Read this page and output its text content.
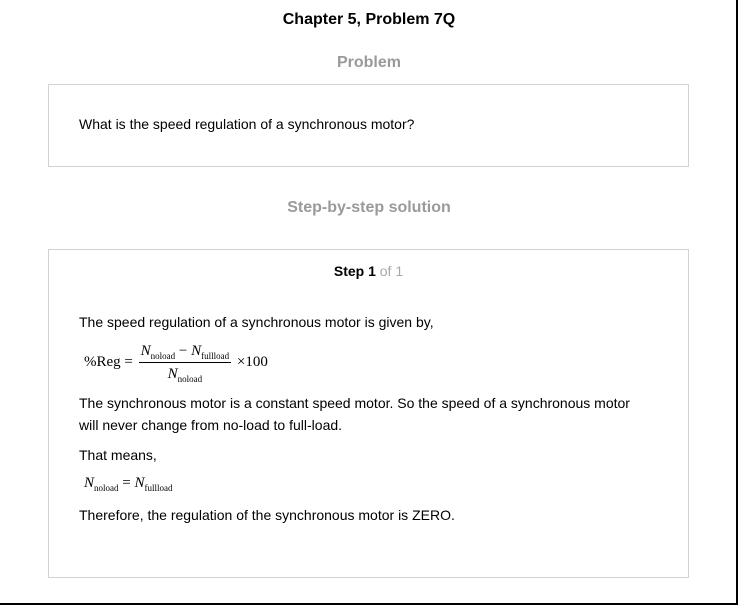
Chapter 5, Problem 7Q
Problem
What is the speed regulation of a synchronous motor?
Step-by-step solution
Step 1 of 1
The speed regulation of a synchronous motor is given by,
$\%Reg = \frac{N_{noload} - N_{fullload}}{N_{noload}} \times 100$
The synchronous motor is a constant speed motor. So the speed of a synchronous motor
will never change from no-load to full-load.
That means,
$N_{noload} = N_{fullload}$
Therefore, the regulation of the synchronous motor is ZERO.
